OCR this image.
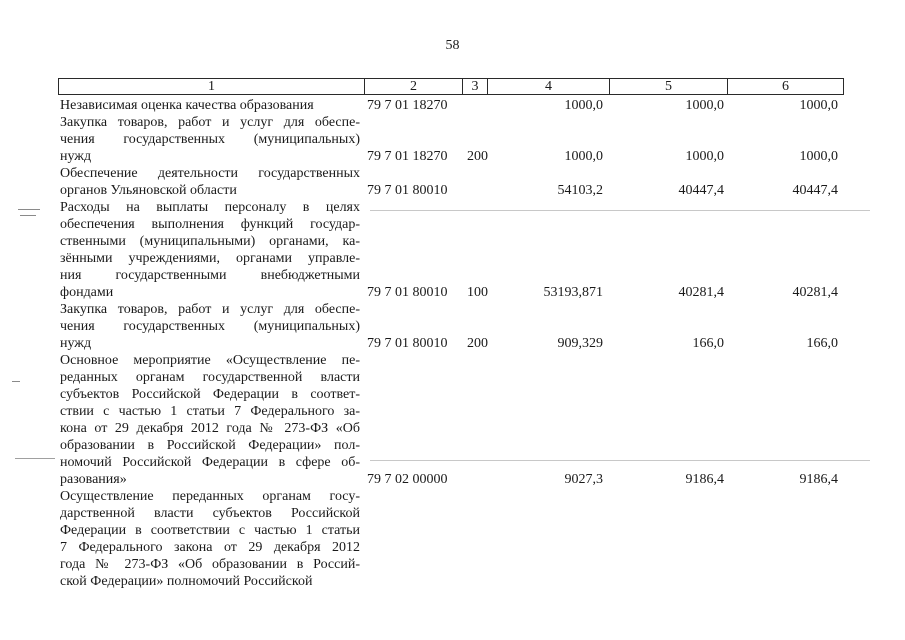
58
1	2	3	4	5	6
Независимая оценка качества образования	79 7 01 18270	1000,0	1000,0	1000,0
Закупка товаров, работ и услуг для обеспе-
чения государственных (муниципальных)
нужд	79 7 01 18270 200	1000,0	1000,0	1000,0
Обеспечение деятельности государственных
органов Ульяновской области	79 7 01 80010	54103,2	40447,4	40447,4
Расходы на выплаты персоналу в целях
обеспечения выполнения функций государ-
ственными (муниципальными) органами, ка-
зёнными учреждениями, органами управле-
ния государственными внебюджетными
фондами	79 7 01 80010 100	53193,871	40281,4	40281,4
Закупка товаров, работ и услуг для обеспе-
чения государственных (муниципальных)
нужд	79 7 01 80010 200	909,329	166,0	166,0
Основное мероприятие «Осуществление пе-
реданных органам государственной власти
субъектов Российской Федерации в соответ-
ствии с частью 1 статьи 7 Федерального за-
кона от 29 декабря 2012 года № 273-ФЗ «Об
образовании в Российской Федерации» пол-
номочий Российской Федерации в сфере об-
разования»	79 7 02 00000	9027,3	9186,4	9186,4
Осуществление переданных органам госу-
дарственной власти субъектов Российской
Федерации в соответствии с частью 1 статьи
7 Федерального закона от 29 декабря 2012
года № 273-ФЗ «Об образовании в Россий-
ской Федерации» полномочий Российской
